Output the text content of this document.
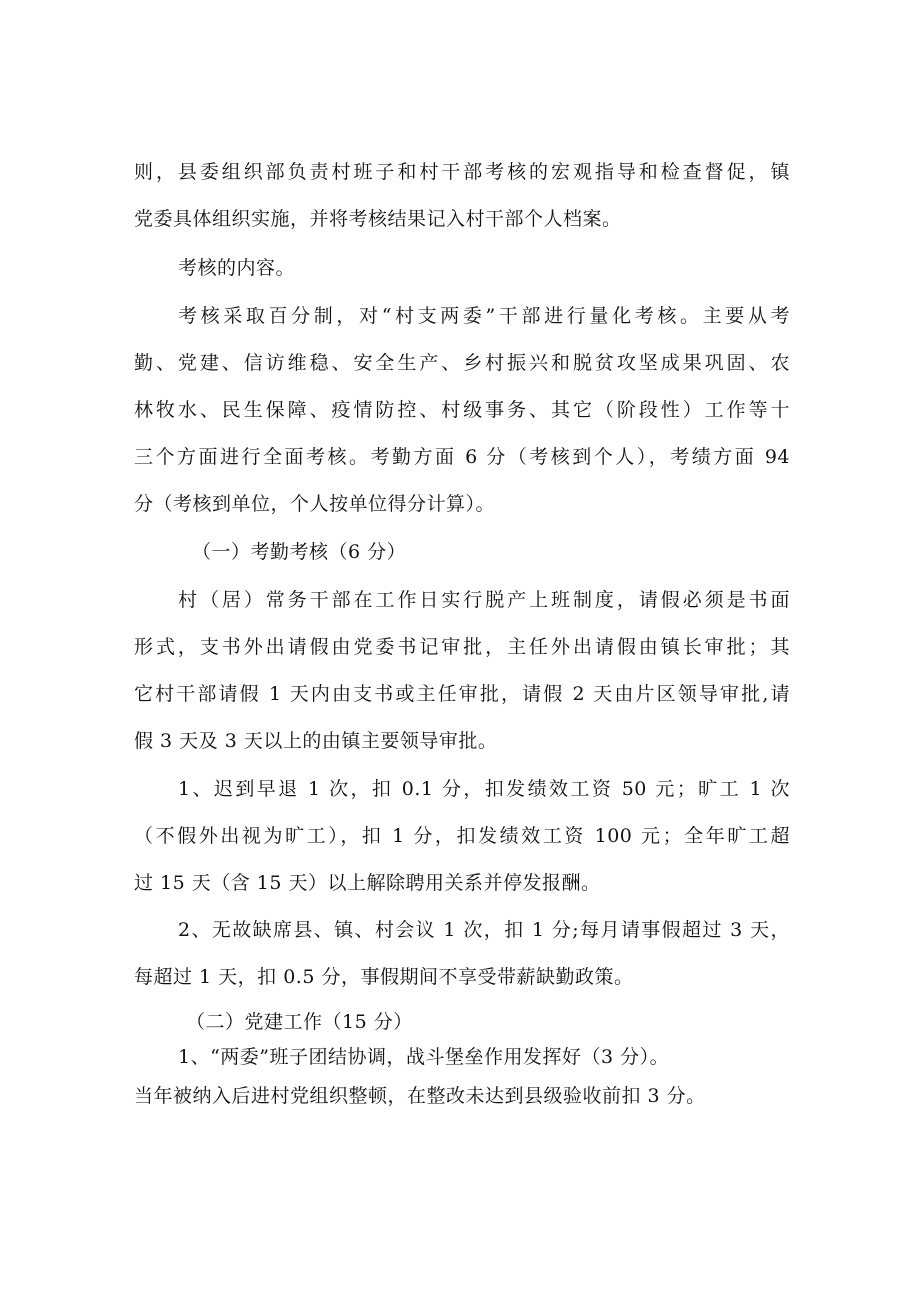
则，县委组织部负责村班子和村干部考核的宏观指导和检查督促，镇
党委具体组织实施，并将考核结果记入村干部个人档案。
考核的内容。
考核采取百分制，对“村支两委”干部进行量化考核。主要从考
勤、党建、信访维稳、安全生产、乡村振兴和脱贫攻坚成果巩固、农
林牧水、民生保障、疫情防控、村级事务、其它（阶段性）工作等十
三个方面进行全面考核。考勤方面 6 分（考核到个人），考绩方面 94
分（考核到单位，个人按单位得分计算）。
（一）考勤考核（6 分）
村（居）常务干部在工作日实行脱产上班制度，请假必须是书面
形式，支书外出请假由党委书记审批，主任外出请假由镇长审批；其
它村干部请假 1 天内由支书或主任审批，请假 2 天由片区领导审批,请
假 3 天及 3 天以上的由镇主要领导审批。
1、迟到早退 1 次，扣 0.1 分，扣发绩效工资 50 元；旷工 1 次
（不假外出视为旷工），扣 1 分，扣发绩效工资 100 元；全年旷工超
过 15 天（含 15 天）以上解除聘用关系并停发报酬。
2、无故缺席县、镇、村会议 1 次，扣 1 分;每月请事假超过 3 天，
每超过 1 天，扣 0.5 分，事假期间不享受带薪缺勤政策。
（二）党建工作（15 分）
1、“两委”班子团结协调，战斗堡垒作用发挥好（3 分）。
当年被纳入后进村党组织整顿，在整改未达到县级验收前扣 3 分。
